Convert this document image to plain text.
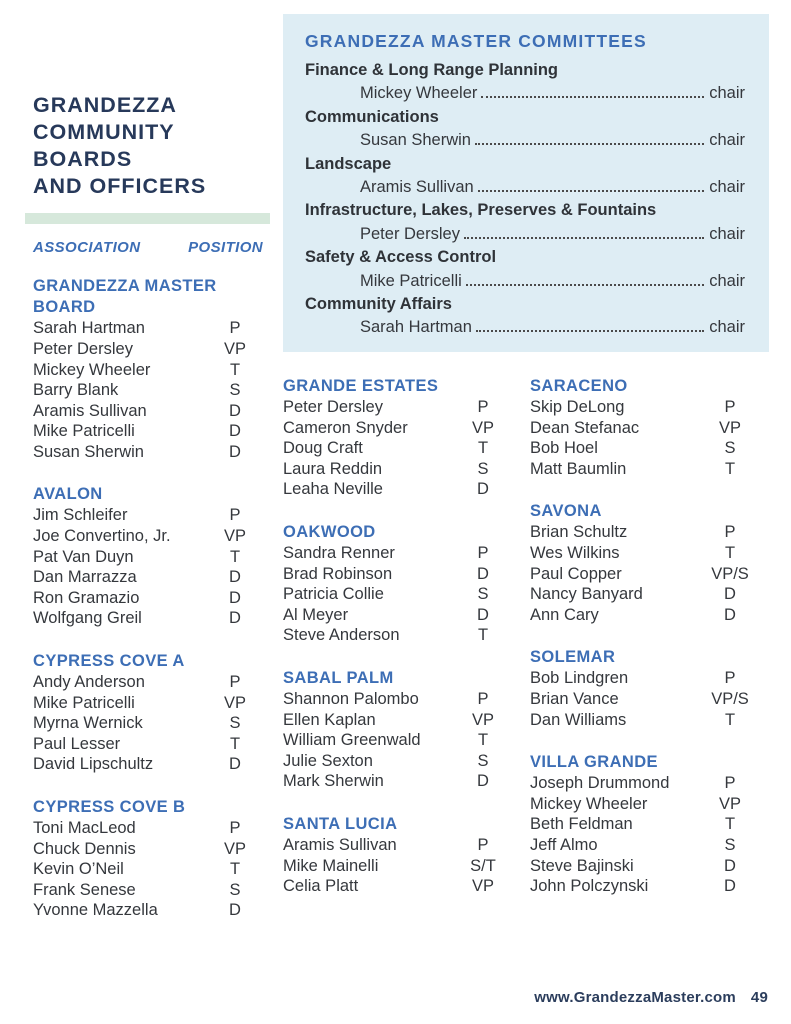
GRANDEZZA
COMMUNITY BOARDS
AND OFFICERS
ASSOCIATION	POSITION
GRANDEZZA MASTER BOARD
Sarah Hartman	P
Peter Dersley	VP
Mickey Wheeler	T
Barry Blank	S
Aramis Sullivan	D
Mike Patricelli	D
Susan Sherwin	D
AVALON
Jim Schleifer	P
Joe Convertino, Jr.	VP
Pat Van Duyn	T
Dan Marrazza	D
Ron Gramazio	D
Wolfgang Greil	D
CYPRESS COVE A
Andy Anderson	P
Mike Patricelli	VP
Myrna Wernick	S
Paul Lesser	T
David Lipschultz	D
CYPRESS COVE B
Toni MacLeod	P
Chuck Dennis	VP
Kevin O’Neil	T
Frank Senese	S
Yvonne Mazzella	D
GRANDEZZA MASTER COMMITTEES
Finance & Long Range Planning
Mickey Wheeler	chair
Communications
Susan Sherwin	chair
Landscape
Aramis Sullivan	chair
Infrastructure, Lakes, Preserves & Fountains
Peter Dersley	chair
Safety & Access Control
Mike Patricelli	chair
Community Affairs
Sarah Hartman	chair
GRANDE ESTATES
Peter Dersley	P
Cameron Snyder	VP
Doug Craft	T
Laura Reddin	S
Leaha Neville	D
OAKWOOD
Sandra Renner	P
Brad Robinson	D
Patricia Collie	S
Al Meyer	D
Steve Anderson	T
SABAL PALM
Shannon Palombo	P
Ellen Kaplan	VP
William Greenwald	T
Julie Sexton	S
Mark Sherwin	D
SANTA LUCIA
Aramis Sullivan	P
Mike Mainelli	S/T
Celia Platt	VP
SARACENO
Skip DeLong	P
Dean Stefanac	VP
Bob Hoel	S
Matt Baumlin	T
SAVONA
Brian Schultz	P
Wes Wilkins	T
Paul Copper	VP/S
Nancy Banyard	D
Ann Cary	D
SOLEMAR
Bob Lindgren	P
Brian Vance	VP/S
Dan Williams	T
VILLA GRANDE
Joseph Drummond	P
Mickey Wheeler	VP
Beth Feldman	T
Jeff Almo	S
Steve Bajinski	D
John Polczynski	D
www.GrandezzaMaster.com 49
